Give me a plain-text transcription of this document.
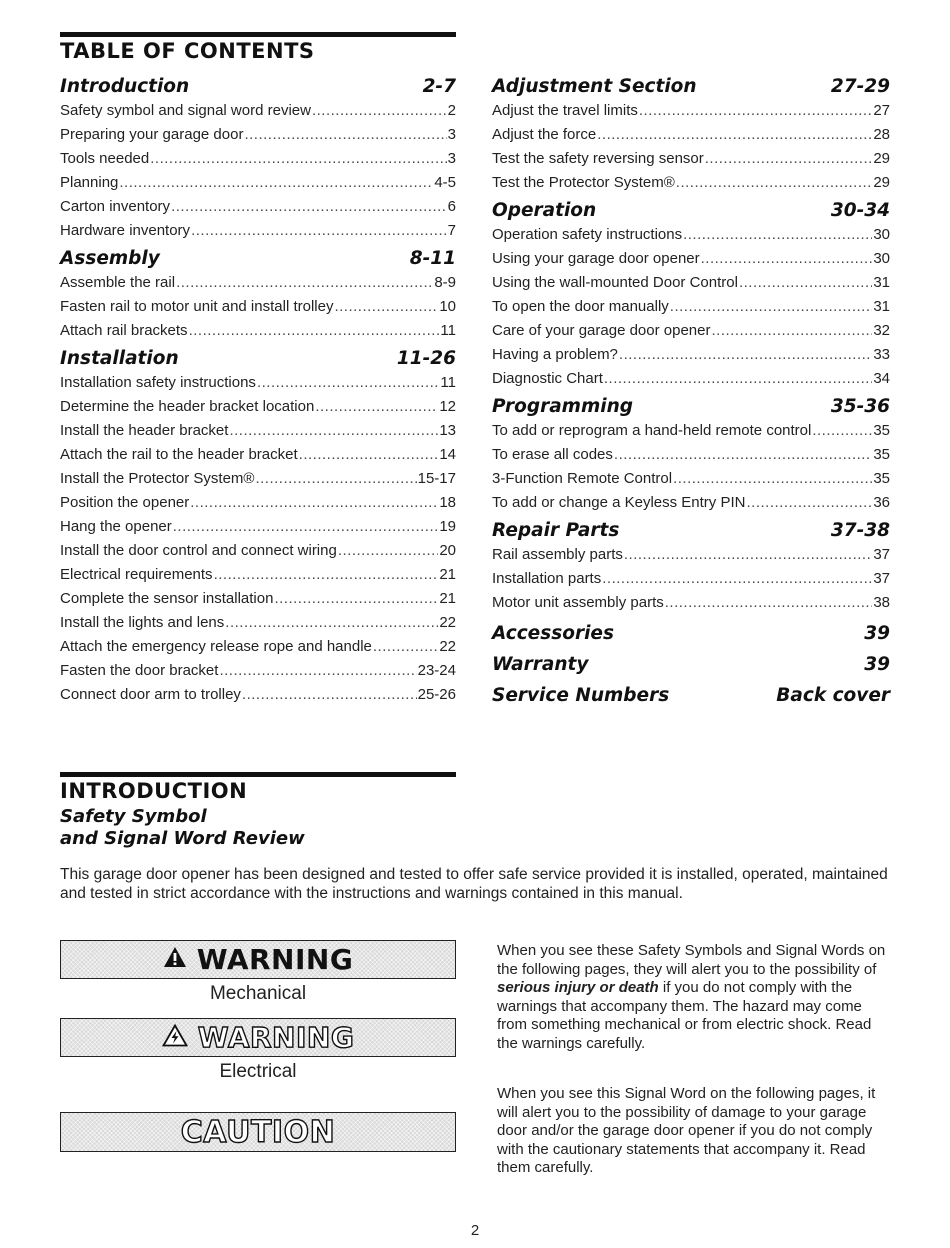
TABLE OF CONTENTS
Introduction	2-7
Safety symbol and signal word review .....	2
Preparing your garage door .....	3
Tools needed .....	3
Planning .....	4-5
Carton inventory .....	6
Hardware inventory .....	7
Assembly	8-11
Assemble the rail .....	8-9
Fasten rail to motor unit and install trolley .....	10
Attach rail brackets .....	11
Installation	11-26
Installation safety instructions .....	11
Determine the header bracket location .....	12
Install the header bracket .....	13
Attach the rail to the header bracket .....	14
Install the Protector System® .....	15-17
Position the opener .....	18
Hang the opener .....	19
Install the door control and connect wiring .....	20
Electrical requirements .....	21
Complete the sensor installation .....	21
Install the lights and lens .....	22
Attach the emergency release rope and handle .....	22
Fasten the door bracket .....	23-24
Connect door arm to trolley .....	25-26
Adjustment Section	27-29
Adjust the travel limits .....	27
Adjust the force .....	28
Test the safety reversing sensor .....	29
Test the Protector System® .....	29
Operation	30-34
Operation safety instructions .....	30
Using your garage door opener .....	30
Using the wall-mounted Door Control .....	31
To open the door manually .....	31
Care of your garage door opener .....	32
Having a problem? .....	33
Diagnostic Chart .....	34
Programming	35-36
To add or reprogram a hand-held remote control .....	35
To erase all codes .....	35
3-Function Remote Control .....	35
To add or change a Keyless Entry PIN .....	36
Repair Parts	37-38
Rail assembly parts .....	37
Installation parts .....	37
Motor unit assembly parts .....	38
Accessories	39
Warranty	39
Service Numbers	Back cover
INTRODUCTION
Safety Symbol
and Signal Word Review

This garage door opener has been designed and tested to offer safe service provided it is installed, operated, maintained and tested in strict accordance with the instructions and warnings contained in this manual.

WARNING
Mechanical
WARNING
Electrical
CAUTION

When you see these Safety Symbols and Signal Words on the following pages, they will alert you to the possibility of serious injury or death if you do not comply with the warnings that accompany them. The hazard may come from something mechanical or from electric shock. Read the warnings carefully.

When you see this Signal Word on the following pages, it will alert you to the possibility of damage to your garage door and/or the garage door opener if you do not comply with the cautionary statements that accompany it. Read them carefully.

2
